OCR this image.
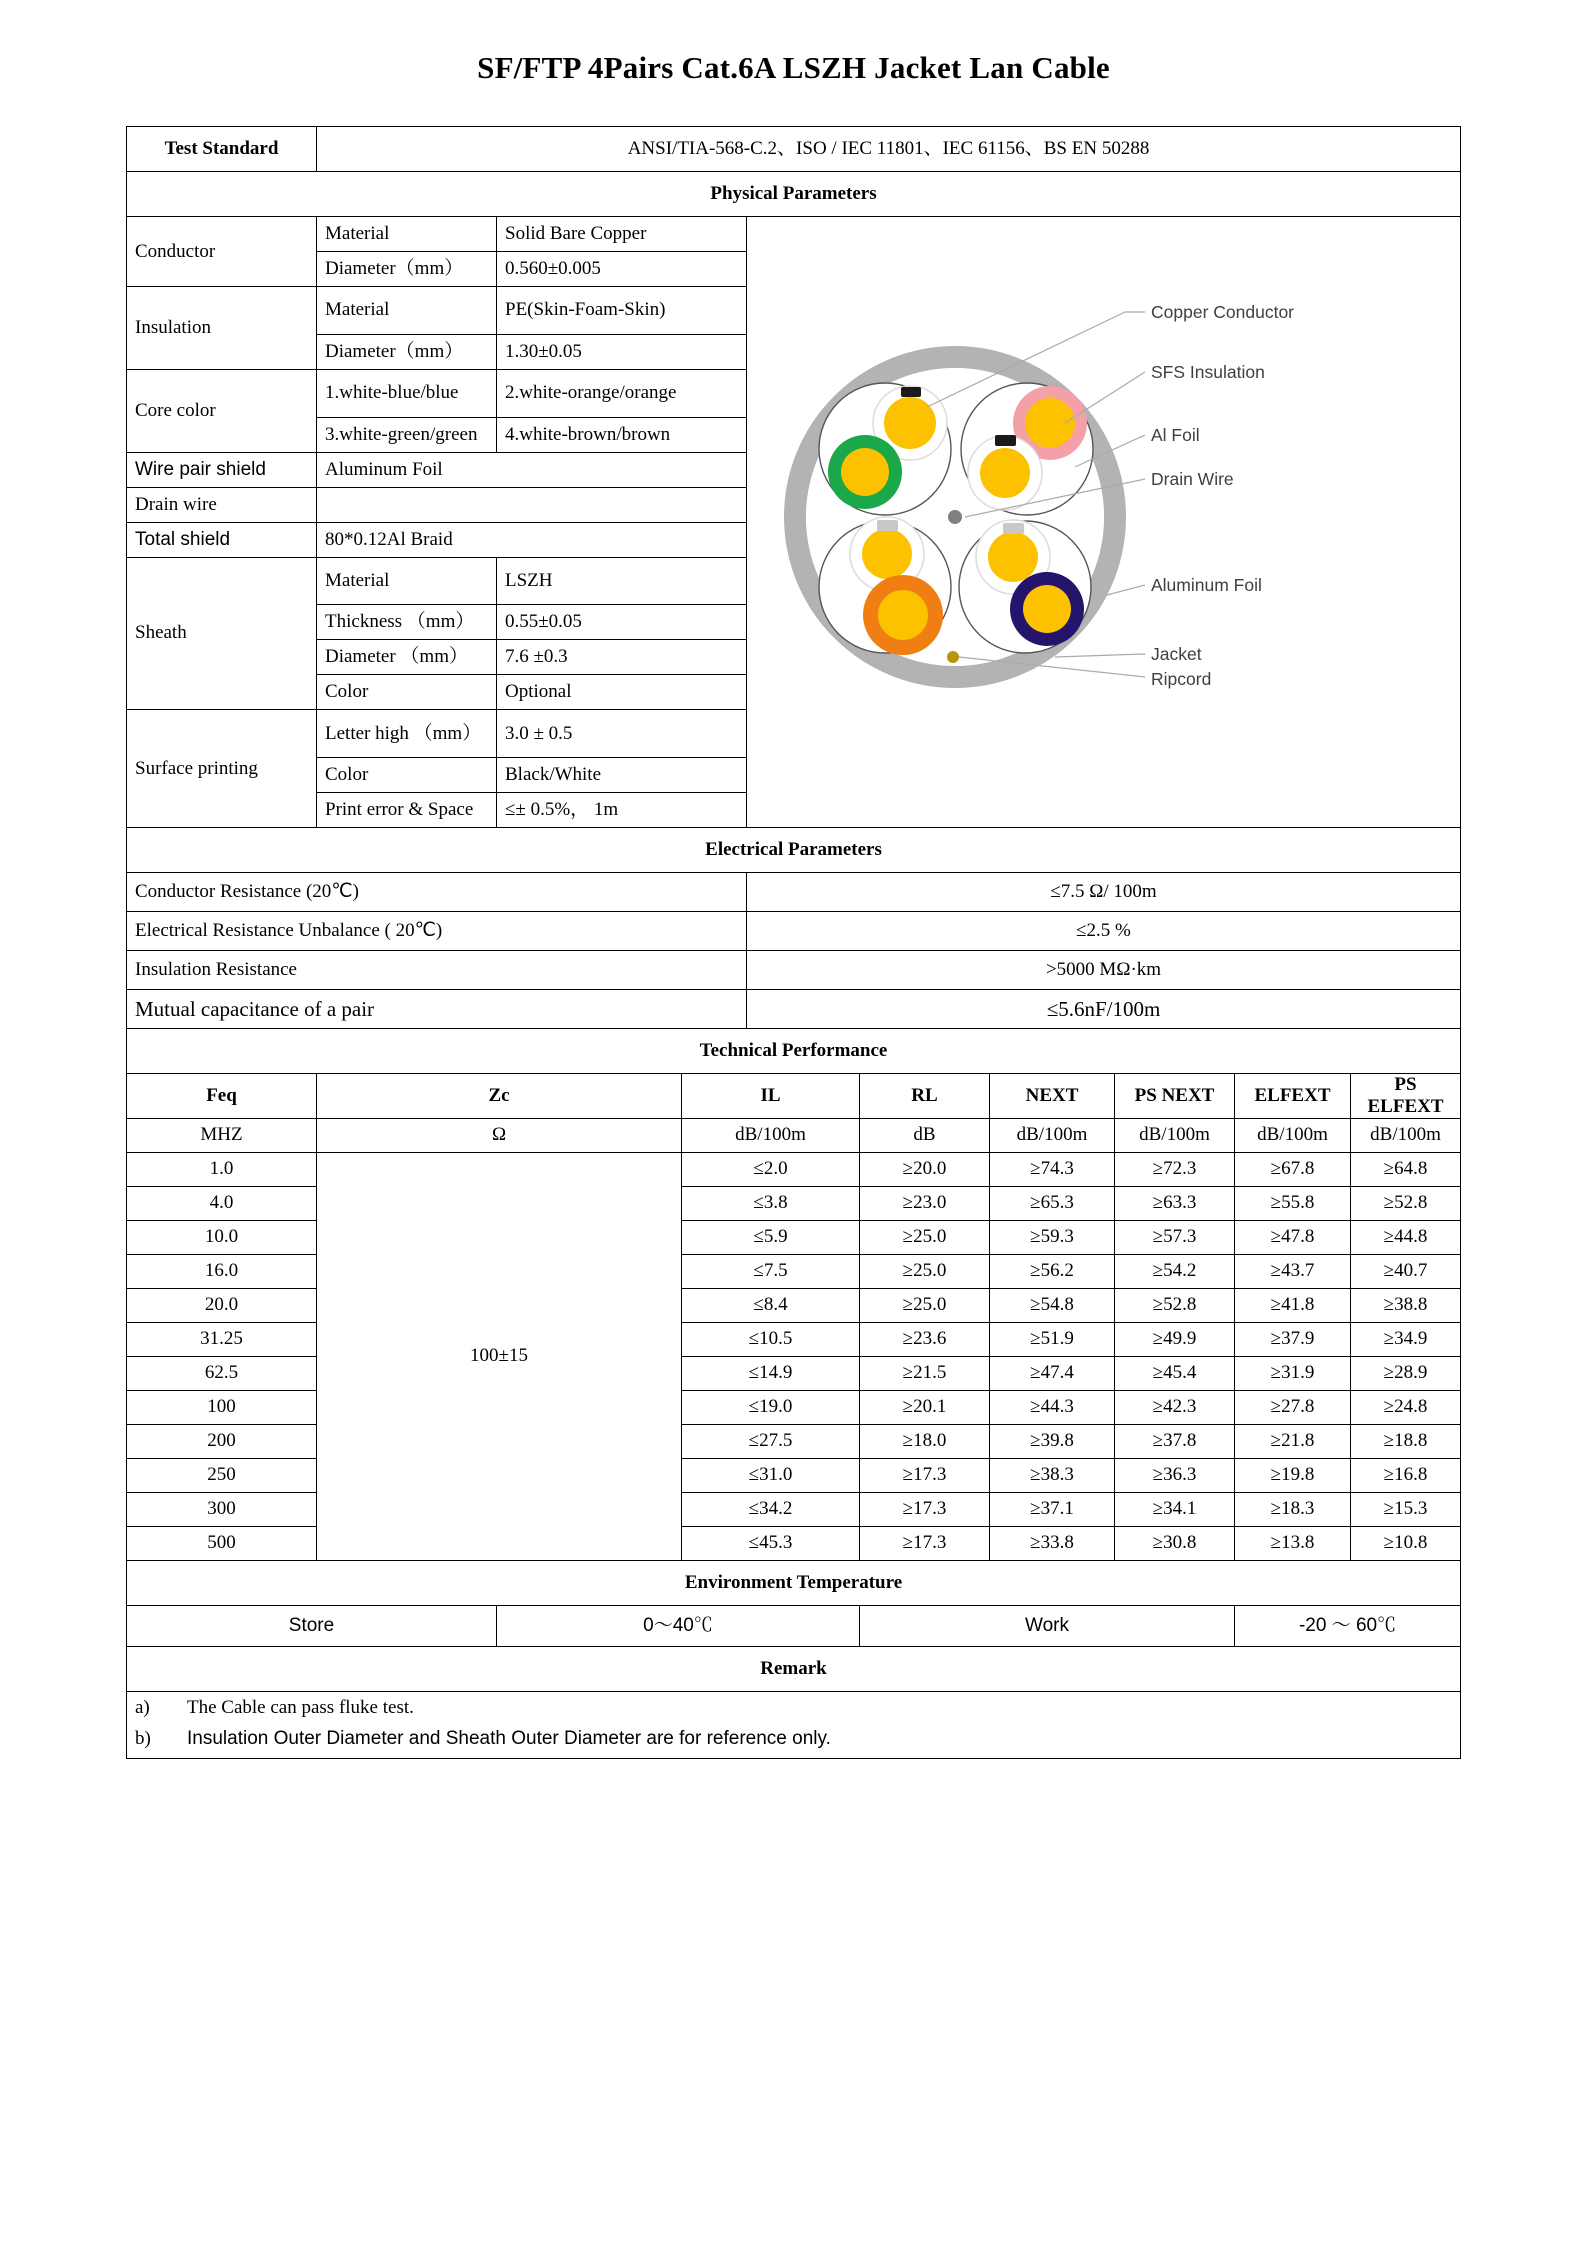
SF/FTP 4Pairs Cat.6A LSZH Jacket Lan Cable
Test Standard	ANSI/TIA-568-C.2、ISO / IEC 11801、IEC 61156、BS EN 50288								
Physical Parameters									
Conductor	Material	Solid Bare Copper	
Copper Conductor
SFS Insulation
Al Foil
Drain Wire
Aluminum Foil
Jacket
Ripcord

	Diameter（mm）	0.560±0.005							
Insulation	Material	PE(Skin-Foam-Skin)							
	Diameter（mm）	1.30±0.05							
Core color	1.white-blue/blue	2.white-orange/orange							
	3.white-green/green	4.white-brown/brown							
Wire pair shield	Aluminum Foil								
Drain wire									
Total shield	80*0.12Al Braid								
Sheath	Material	LSZH							
	Thickness （mm）	0.55±0.05							
	Diameter （mm）	7.6 ±0.3							
	Color	Optional							
Surface printing	Letter high （mm）	3.0 ± 0.5							
	Color	Black/White							
	Print error & Space	≤± 0.5%， 1m							
Electrical Parameters									
Conductor Resistance (20℃)				≤7.5 Ω/ 100m					
Electrical Resistance Unbalance ( 20℃)				≤2.5 %					
Insulation Resistance				>5000 MΩ·km					
Mutual capacitance of a pair				≤5.6nF/100m					
Technical Performance									
Feq	Zc		IL		RL	NEXT	PS NEXT	ELFEXT	PS ELFEXT
MHZ	Ω		dB/100m		dB	dB/100m	dB/100m	dB/100m	dB/100m
1.0	100±15		≤2.0		≥20.0	≥74.3	≥72.3	≥67.8	≥64.8
4.0			≤3.8		≥23.0	≥65.3	≥63.3	≥55.8	≥52.8
10.0			≤5.9		≥25.0	≥59.3	≥57.3	≥47.8	≥44.8
16.0			≤7.5		≥25.0	≥56.2	≥54.2	≥43.7	≥40.7
20.0			≤8.4		≥25.0	≥54.8	≥52.8	≥41.8	≥38.8
31.25			≤10.5		≥23.6	≥51.9	≥49.9	≥37.9	≥34.9
62.5			≤14.9		≥21.5	≥47.4	≥45.4	≥31.9	≥28.9
100			≤19.0		≥20.1	≥44.3	≥42.3	≥27.8	≥24.8
200			≤27.5		≥18.0	≥39.8	≥37.8	≥21.8	≥18.8
250			≤31.0		≥17.3	≥38.3	≥36.3	≥19.8	≥16.8
300			≤34.2		≥17.3	≥37.1	≥34.1	≥18.3	≥15.3
500			≤45.3		≥17.3	≥33.8	≥30.8	≥13.8	≥10.8
Environment Temperature									
Store		0～40℃			Work			-20 ～ 60℃	
Remark									

a) The Cable can pass fluke test.
b) Insulation Outer Diameter and Sheath Outer Diameter are for reference only.									
